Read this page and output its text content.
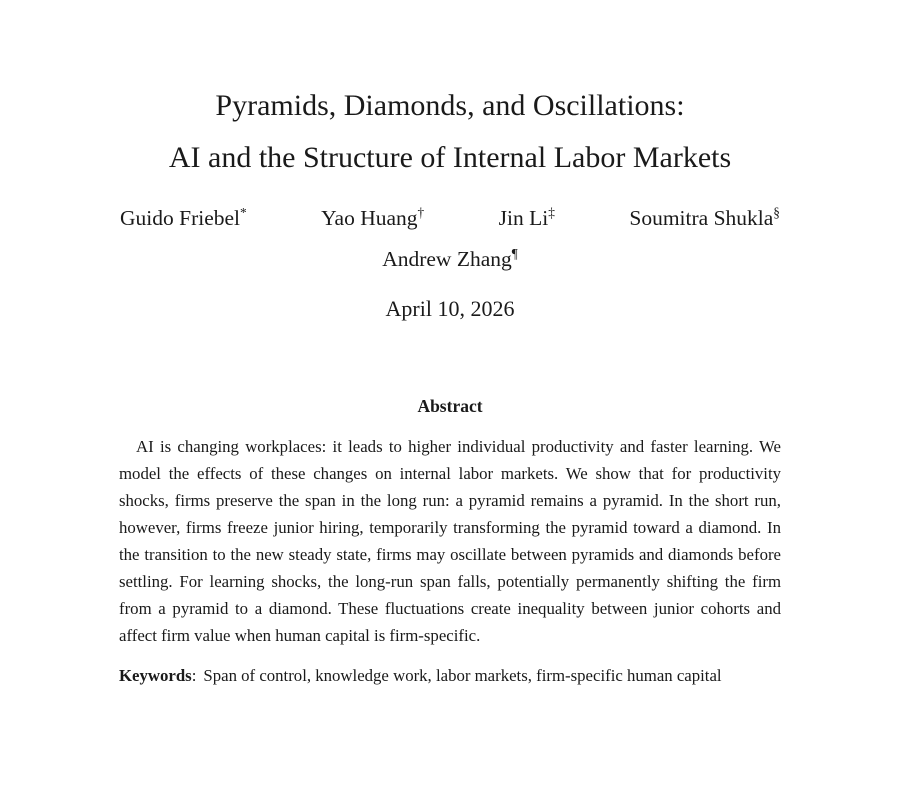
Pyramids, Diamonds, and Oscillations:
AI and the Structure of Internal Labor Markets
Guido Friebel*	Yao Huang†	Jin Li‡	Soumitra Shukla§
Andrew Zhang¶
April 10, 2026
Abstract

AI is changing workplaces: it leads to higher individual productivity and faster learning. We model the effects of these changes on internal labor markets. We show that for productivity shocks, firms preserve the span in the long run: a pyramid remains a pyramid. In the short run, however, firms freeze junior hiring, temporarily transforming the pyramid toward a diamond. In the transition to the new steady state, firms may oscillate between pyramids and diamonds before settling. For learning shocks, the long-run span falls, potentially permanently shifting the firm from a pyramid to a diamond. These fluctuations create inequality between junior cohorts and affect firm value when human capital is firm-specific.

Keywords: Span of control, knowledge work, labor markets, firm-specific human capital
